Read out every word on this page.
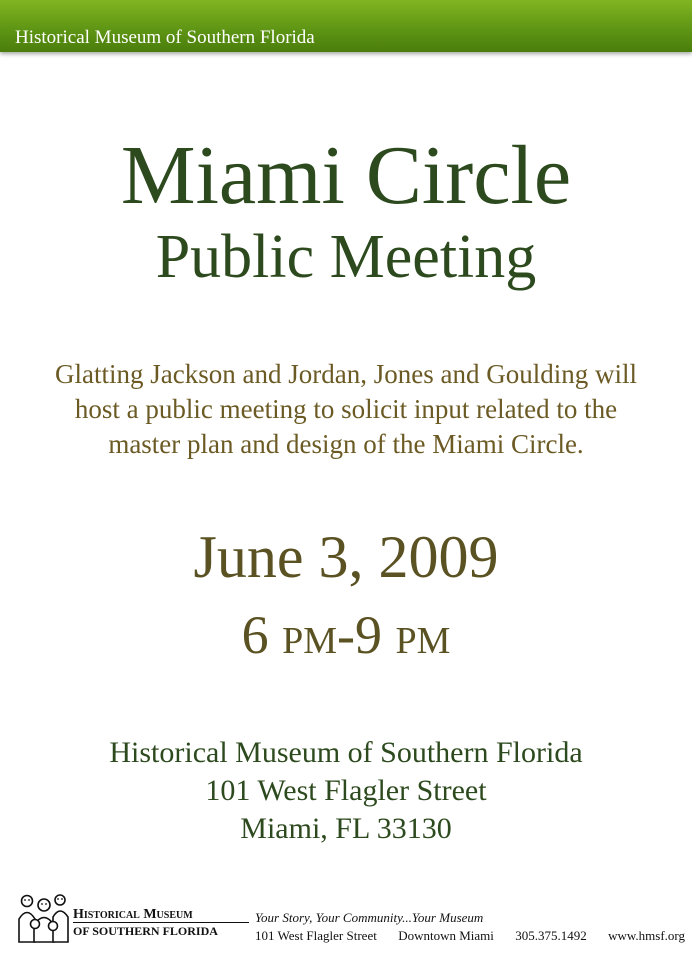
Historical Museum of Southern Florida
Miami Circle
Public Meeting
Glatting Jackson and Jordan, Jones and Goulding will
host a public meeting to solicit input related to the
master plan and design of the Miami Circle.
June 3, 2009
6 PM-9 PM
Historical Museum of Southern Florida
101 West Flagler Street
Miami, FL 33130
Historical Museum
OF SOUTHERN FLORIDA
Your Story, Your Community...Your Museum
101 West Flagler Street Downtown Miami 305.375.1492 www.hmsf.org
